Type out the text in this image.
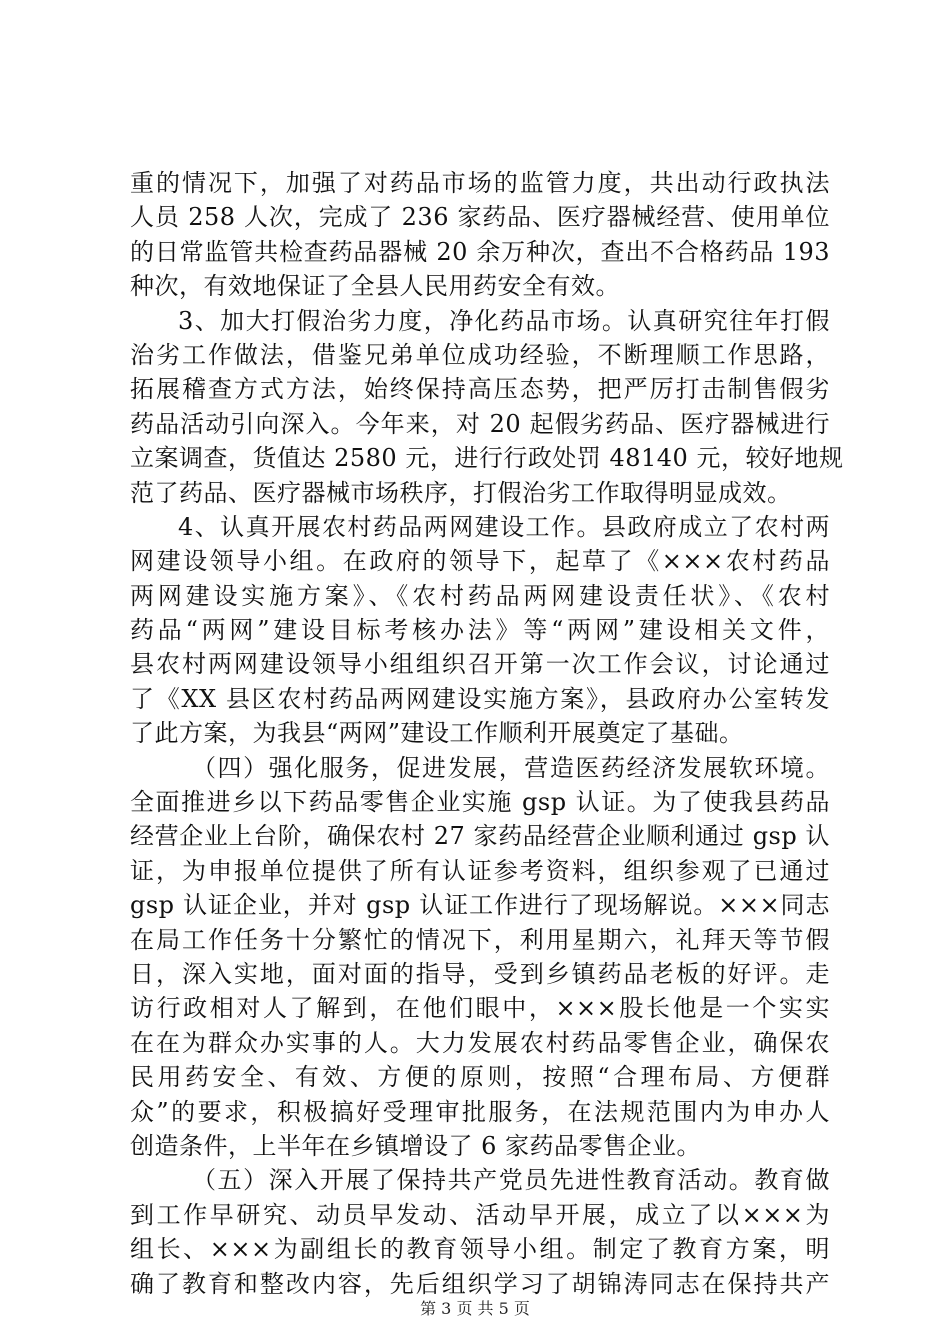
重的情况下，加强了对药品市场的监管力度，共出动行政执法
人员 258 人次，完成了 236 家药品、医疗器械经营、使用单位
的日常监管共检查药品器械 20 余万种次，查出不合格药品 193
种次，有效地保证了全县人民用药安全有效。
3、加大打假治劣力度，净化药品市场。认真研究往年打假
治劣工作做法，借鉴兄弟单位成功经验，不断理顺工作思路，
拓展稽查方式方法，始终保持高压态势，把严厉打击制售假劣
药品活动引向深入。今年来，对 20 起假劣药品、医疗器械进行
立案调查，货值达 2580 元，进行行政处罚 48140 元，较好地规
范了药品、医疗器械市场秩序，打假治劣工作取得明显成效。
4、认真开展农村药品两网建设工作。县政府成立了农村两
网建设领导小组。在政府的领导下，起草了《×××农村药品
两网建设实施方案》、《农村药品两网建设责任状》、《农村
药品“两网”建设目标考核办法》等“两网”建设相关文件，
县农村两网建设领导小组组织召开第一次工作会议，讨论通过
了《XX 县区农村药品两网建设实施方案》，县政府办公室转发
了此方案，为我县“两网”建设工作顺利开展奠定了基础。
（四）强化服务，促进发展，营造医药经济发展软环境。
全面推进乡以下药品零售企业实施 gsp 认证。为了使我县药品
经营企业上台阶，确保农村 27 家药品经营企业顺利通过 gsp 认
证，为申报单位提供了所有认证参考资料，组织参观了已通过
gsp 认证企业，并对 gsp 认证工作进行了现场解说。×××同志
在局工作任务十分繁忙的情况下，利用星期六，礼拜天等节假
日，深入实地，面对面的指导，受到乡镇药品老板的好评。走
访行政相对人了解到，在他们眼中，×××股长他是一个实实
在在为群众办实事的人。大力发展农村药品零售企业，确保农
民用药安全、有效、方便的原则，按照“合理布局、方便群
众”的要求，积极搞好受理审批服务，在法规范围内为申办人
创造条件，上半年在乡镇增设了 6 家药品零售企业。
（五）深入开展了保持共产党员先进性教育活动。教育做
到工作早研究、动员早发动、活动早开展，成立了以×××为
组长、×××为副组长的教育领导小组。制定了教育方案，明
确了教育和整改内容，先后组织学习了胡锦涛同志在保持共产
第 3 页 共 5 页
